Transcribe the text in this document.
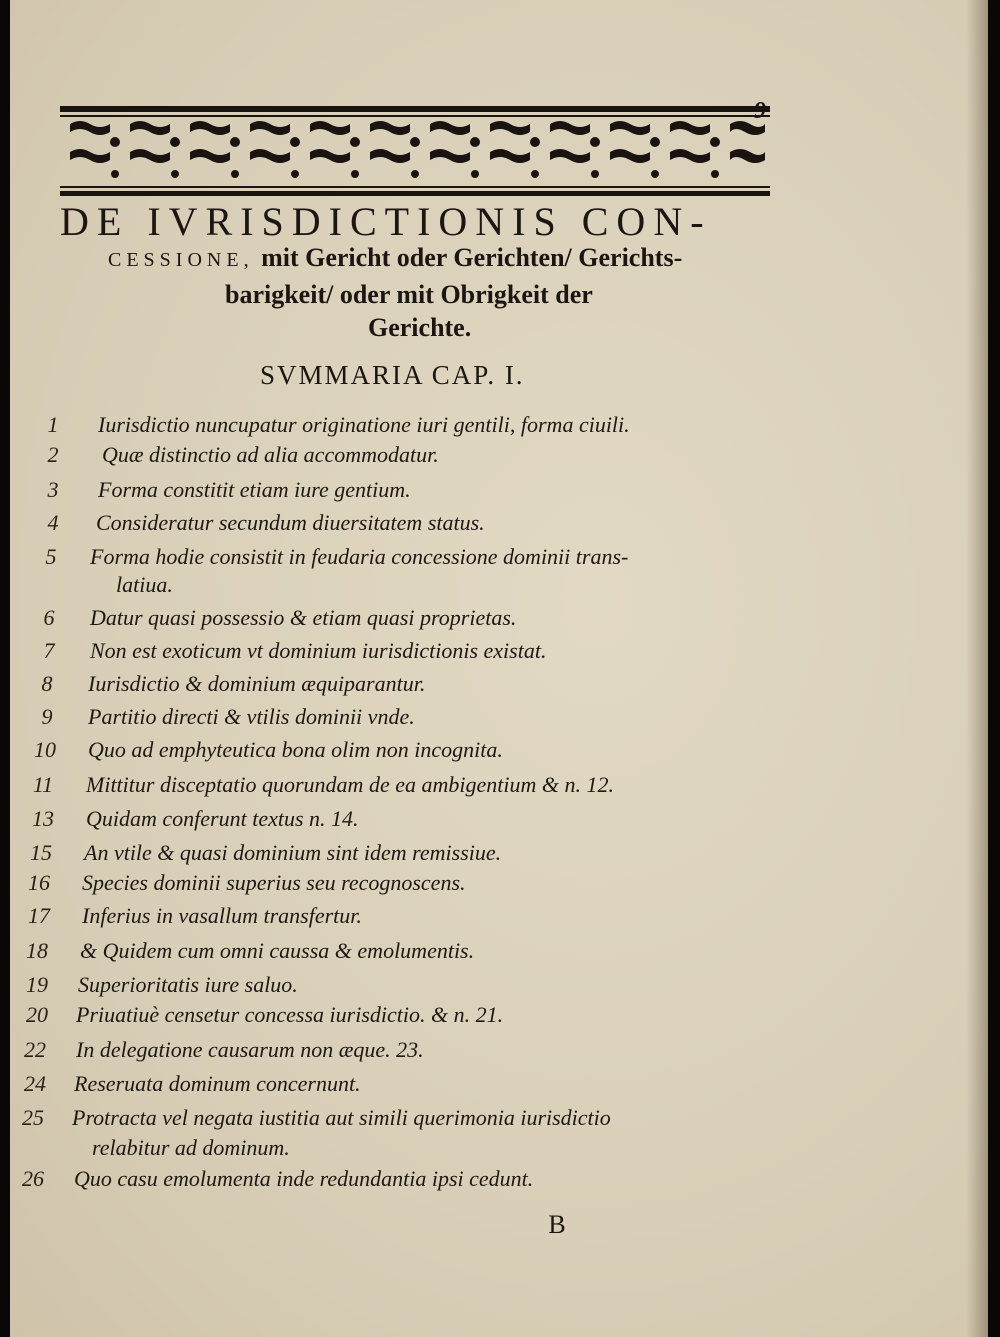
DE IVRISDICTIONIS CON-
CESSIONE, mit Gericht oder Gerichten/ Gerichts-
barigkeit/ oder mit Obrigkeit der
Gerichte.
SVMMARIA CAP. I.
1	Iurisdictio nuncupatur originatione iuri gentili, forma ciuili.
2	Quæ distinctio ad alia accommodatur.
3	Forma constitit etiam iure gentium.
4	Consideratur secundum diuersitatem status.
5	Forma hodie consistit in feudaria concessione dominii trans-
latiua.
6	Datur quasi possessio & etiam quasi proprietas.
7	Non est exoticum vt dominium iurisdictionis existat.
8	Iurisdictio & dominium æquiparantur.
9	Partitio directi & vtilis dominii vnde.
10 Quo ad emphyteutica bona olim non incognita.
11	Mittitur disceptatio quorundam de ea ambigentium & n. 12.
13 Quidam conferunt textus n. 14.
15 An vtile & quasi dominium sint idem remissiue.
16 Species dominii superius seu recognoscens.
17 Inferius in vasallum transfertur.
18 & Quidem cum omni caussa & emolumentis.
19 Superioritatis iure saluo.
20 Priuatiuè censetur concessa iurisdictio. & n. 21.
22 In delegatione causarum non æque. 23.
24 Reseruata dominum concernunt.
25 Protracta vel negata iustitia aut simili querimonia iurisdictio
relabitur ad dominum.
26 Quo casu emolumenta inde redundantia ipsi cedunt.
B
